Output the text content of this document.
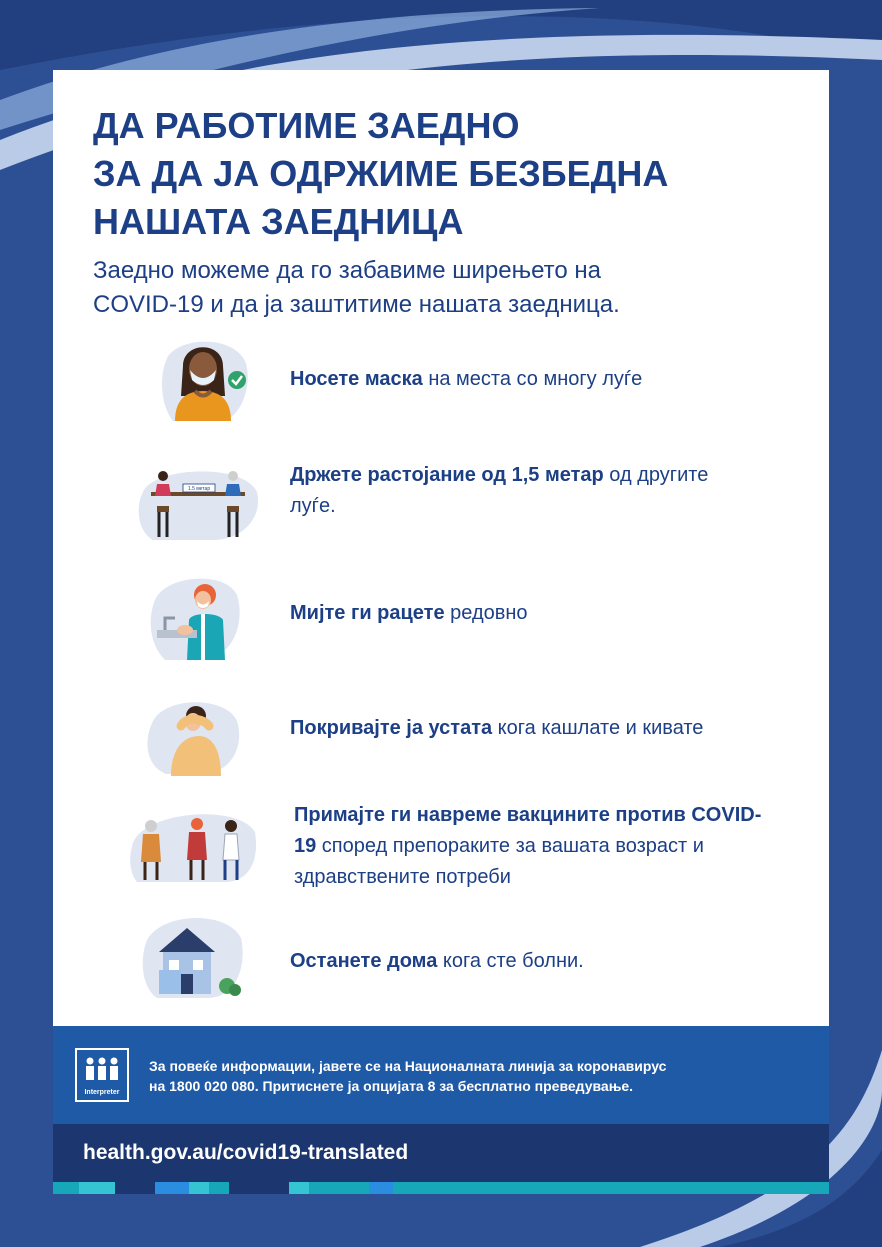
ДА РАБОТИМЕ ЗАЕДНО
ЗА ДА ЈА ОДРЖИМЕ БЕЗБЕДНА
НАШАТА ЗАЕДНИЦА

Заедно можеме да го забавиме ширењето на
COVID-19 и да ја заштитиме нашата заедница.

Носете маска на места со многу луѓе

1.5 метар

Држете растојание од 1,5 метар од другите луѓе.

Мијте ги рацете редовно

Покривајте ја устата кога кашлате и кивате

Примајте ги навреме вакцините против COVID-19 според препораките за вашата возраст и здравствените потреби

Останете дома кога сте болни.

Interpreter

За повеќе информации, јавете се на Националната линија за коронавирус
на 1800 020 080. Притиснете ја опцијата 8 за бесплатно преведување.

health.gov.au/covid19-translated
